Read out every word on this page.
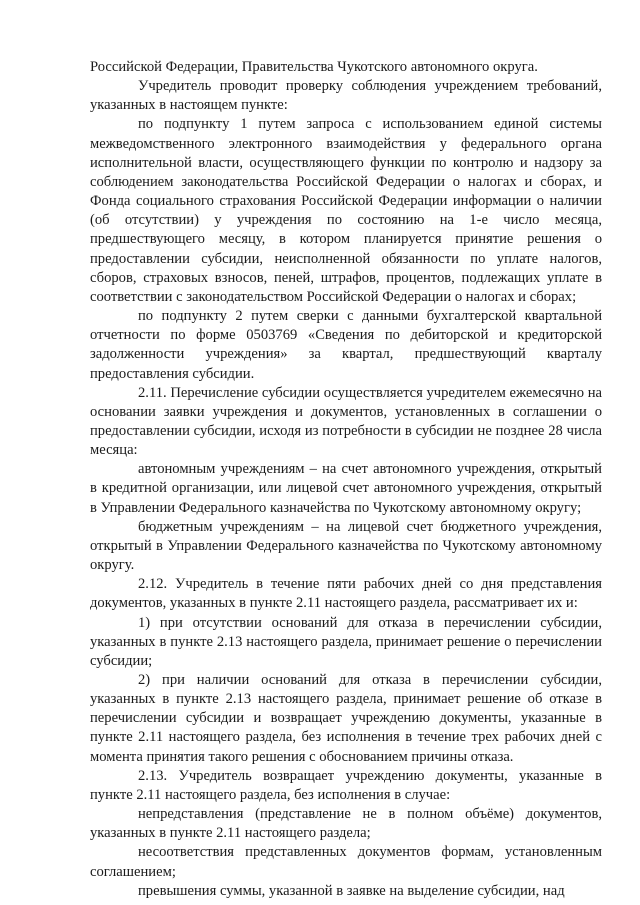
Российской Федерации, Правительства Чукотского автономного округа.

Учредитель проводит проверку соблюдения учреждением требований, указанных в настоящем пункте:

по подпункту 1 путем запроса с использованием единой системы межведомственного электронного взаимодействия у федерального органа исполнительной власти, осуществляющего функции по контролю и надзору за соблюдением законодательства Российской Федерации о налогах и сборах, и Фонда социального страхования Российской Федерации информации о наличии (об отсутствии) у учреждения по состоянию на 1-е число месяца, предшествующего месяцу, в котором планируется принятие решения о предоставлении субсидии, неисполненной обязанности по уплате налогов, сборов, страховых взносов, пеней, штрафов, процентов, подлежащих уплате в соответствии с законодательством Российской Федерации о налогах и сборах;

по подпункту 2 путем сверки с данными бухгалтерской квартальной отчетности по форме 0503769 «Сведения по дебиторской и кредиторской задолженности учреждения» за квартал, предшествующий кварталу предоставления субсидии.

2.11. Перечисление субсидии осуществляется учредителем ежемесячно на основании заявки учреждения и документов, установленных в соглашении о предоставлении субсидии, исходя из потребности в субсидии не позднее 28 числа месяца:

автономным учреждениям – на счет автономного учреждения, открытый в кредитной организации, или лицевой счет автономного учреждения, открытый в Управлении Федерального казначейства по Чукотскому автономному округу;

бюджетным учреждениям – на лицевой счет бюджетного учреждения, открытый в Управлении Федерального казначейства по Чукотскому автономному округу.

2.12. Учредитель в течение пяти рабочих дней со дня представления документов, указанных в пункте 2.11 настоящего раздела, рассматривает их и:

1) при отсутствии оснований для отказа в перечислении субсидии, указанных в пункте 2.13 настоящего раздела, принимает решение о перечислении субсидии;

2) при наличии оснований для отказа в перечислении субсидии, указанных в пункте 2.13 настоящего раздела, принимает решение об отказе в перечислении субсидии и возвращает учреждению документы, указанные в пункте 2.11 настоящего раздела, без исполнения в течение трех рабочих дней с момента принятия такого решения с обоснованием причины отказа.

2.13. Учредитель возвращает учреждению документы, указанные в пункте 2.11 настоящего раздела, без исполнения в случае:

непредставления (представление не в полном объёме) документов, указанных в пункте 2.11 настоящего раздела;

несоответствия представленных документов формам, установленным соглашением;

превышения суммы, указанной в заявке на выделение субсидии, над
